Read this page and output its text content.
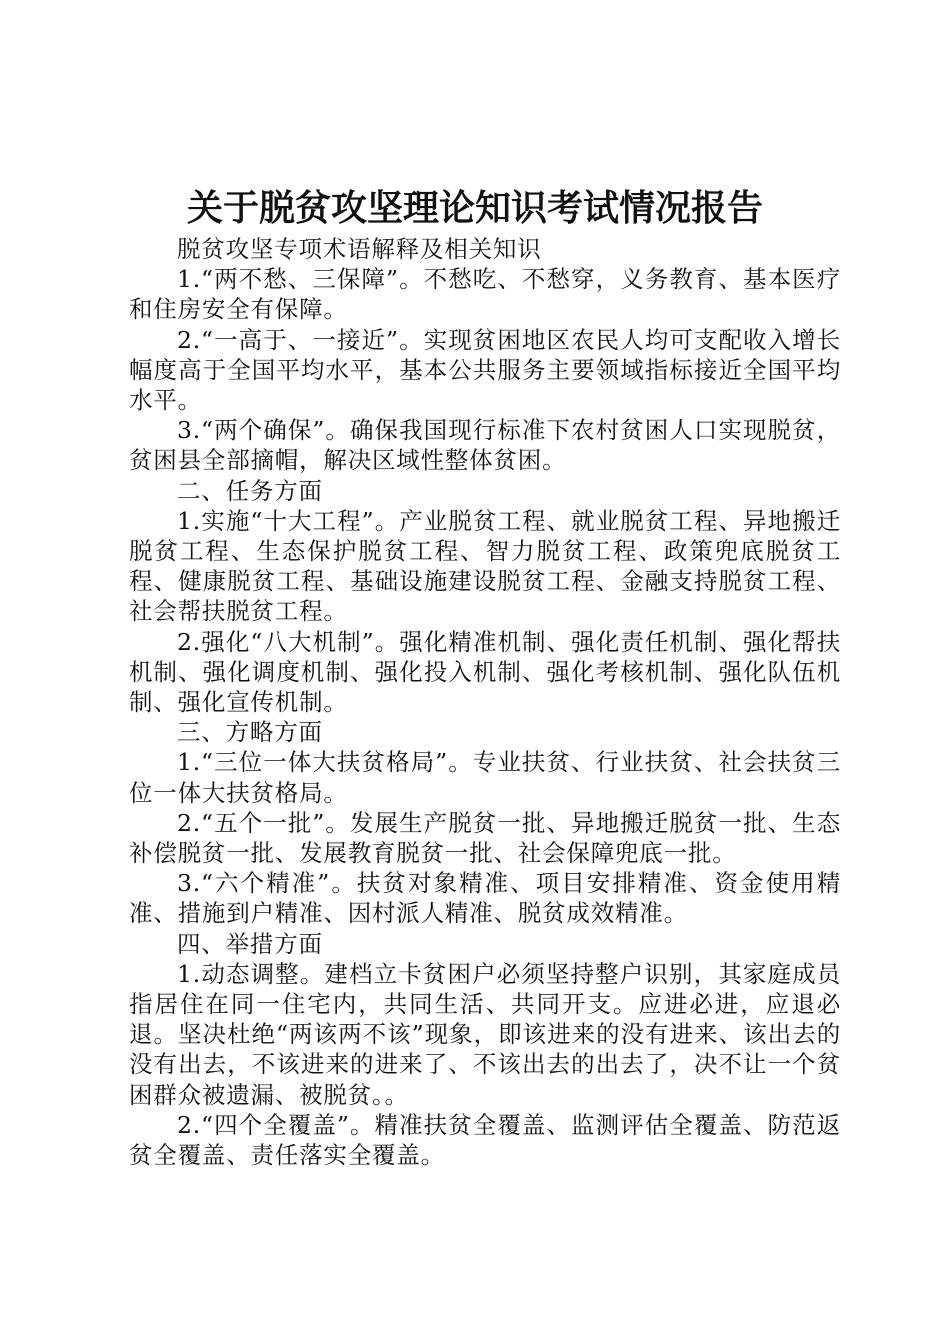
关于脱贫攻坚理论知识考试情况报告

脱贫攻坚专项术语解释及相关知识

1.“两不愁、三保障”。不愁吃、不愁穿，义务教育、基本医疗和住房安全有保障。

2.“一高于、一接近”。实现贫困地区农民人均可支配收入增长幅度高于全国平均水平，基本公共服务主要领域指标接近全国平均水平。

3.“两个确保”。确保我国现行标准下农村贫困人口实现脱贫，贫困县全部摘帽，解决区域性整体贫困。

二、任务方面

1.实施“十大工程”。产业脱贫工程、就业脱贫工程、异地搬迁脱贫工程、生态保护脱贫工程、智力脱贫工程、政策兜底脱贫工程、健康脱贫工程、基础设施建设脱贫工程、金融支持脱贫工程、社会帮扶脱贫工程。

2.强化“八大机制”。强化精准机制、强化责任机制、强化帮扶机制、强化调度机制、强化投入机制、强化考核机制、强化队伍机制、强化宣传机制。

三、方略方面

1.“三位一体大扶贫格局”。专业扶贫、行业扶贫、社会扶贫三位一体大扶贫格局。

2.“五个一批”。发展生产脱贫一批、异地搬迁脱贫一批、生态补偿脱贫一批、发展教育脱贫一批、社会保障兜底一批。

3.“六个精准”。扶贫对象精准、项目安排精准、资金使用精准、措施到户精准、因村派人精准、脱贫成效精准。

四、举措方面

1.动态调整。建档立卡贫困户必须坚持整户识别，其家庭成员指居住在同一住宅内，共同生活、共同开支。应进必进，应退必退。坚决杜绝“两该两不该”现象，即该进来的没有进来、该出去的没有出去，不该进来的进来了、不该出去的出去了，决不让一个贫困群众被遗漏、被脱贫。。

2.“四个全覆盖”。精准扶贫全覆盖、监测评估全覆盖、防范返贫全覆盖、责任落实全覆盖。
